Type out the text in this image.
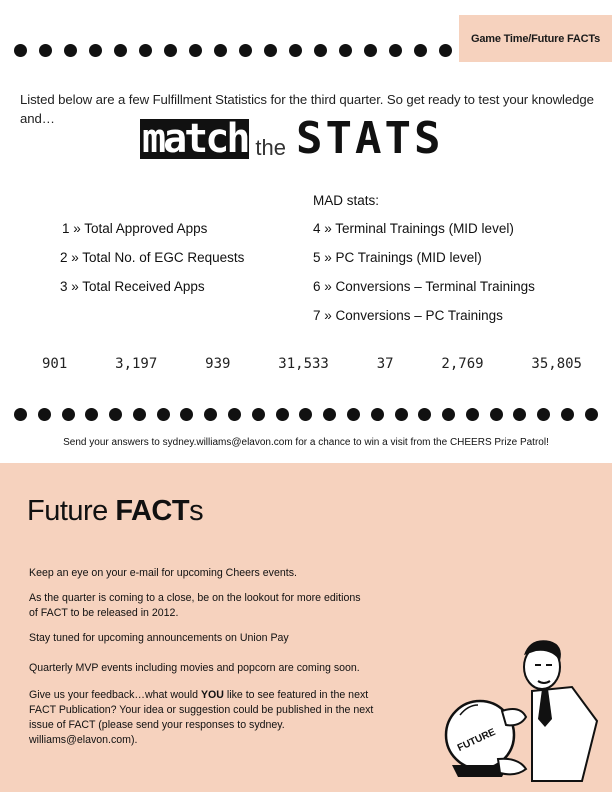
Game Time/Future FACTs

Listed below are a few Fulfillment Statistics for the third quarter. So get ready to test your knowledge and…	match the STATS
MAD stats:
1 » Total Approved Apps
2 » Total No. of EGC Requests
3 » Total Received Apps
4 » Terminal Trainings (MID level)
5 » PC Trainings (MID level)
6 » Conversions – Terminal Trainings
7 » Conversions – PC Trainings
901	3,197	939	31,533	37	2,769	35,805
Send your answers to sydney.williams@elavon.com for a chance to win a visit from the CHEERS Prize Patrol!
Future FACTs

Keep an eye on your e-mail for upcoming Cheers events.

As the quarter is coming to a close, be on the lookout for more editions of FACT to be released in 2012.

Stay tuned for upcoming announcements on Union Pay

Quarterly MVP events including movies and popcorn are coming soon.

Give us your feedback…what would YOU like to see featured in the next FACT Publication? Your idea or suggestion could be published in the next issue of FACT (please send your responses to sydney. williams@elavon.com).	FUTURE
